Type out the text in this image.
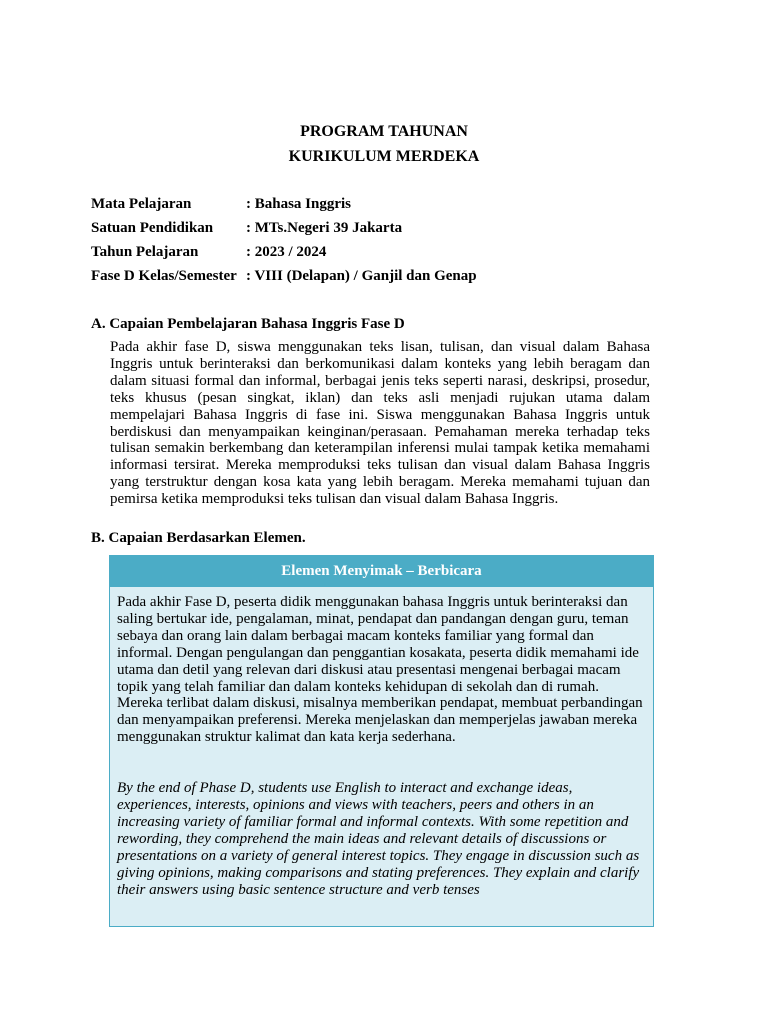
PROGRAM TAHUNAN
KURIKULUM MERDEKA
Mata Pelajaran	: Bahasa Inggris
Satuan Pendidikan : MTs.Negeri 39 Jakarta
Tahun Pelajaran	: 2023 / 2024
Fase D Kelas/Semester : VIII (Delapan) / Ganjil dan Genap
A. Capaian Pembelajaran Bahasa Inggris Fase D
Pada akhir fase D, siswa menggunakan teks lisan, tulisan, dan visual dalam Bahasa Inggris untuk berinteraksi dan berkomunikasi dalam konteks yang lebih beragam dan dalam situasi formal dan informal, berbagai jenis teks seperti narasi, deskripsi, prosedur, teks khusus (pesan singkat, iklan) dan teks asli menjadi rujukan utama dalam mempelajari Bahasa Inggris di fase ini. Siswa menggunakan Bahasa Inggris untuk berdiskusi dan menyampaikan keinginan/perasaan. Pemahaman mereka terhadap teks tulisan semakin berkembang dan keterampilan inferensi mulai tampak ketika memahami informasi tersirat. Mereka memproduksi teks tulisan dan visual dalam Bahasa Inggris yang terstruktur dengan kosa kata yang lebih beragam. Mereka memahami tujuan dan pemirsa ketika memproduksi teks tulisan dan visual dalam Bahasa Inggris.
B. Capaian Berdasarkan Elemen.
Elemen Menyimak – Berbicara

Pada akhir Fase D, peserta didik menggunakan bahasa Inggris untuk berinteraksi dan saling bertukar ide, pengalaman, minat, pendapat dan pandangan dengan guru, teman sebaya dan orang lain dalam berbagai macam konteks familiar yang formal dan informal. Dengan pengulangan dan penggantian kosakata, peserta didik memahami ide utama dan detil yang relevan dari diskusi atau presentasi mengenai berbagai macam topik yang telah familiar dan dalam konteks kehidupan di sekolah dan di rumah. Mereka terlibat dalam diskusi, misalnya memberikan pendapat, membuat perbandingan dan menyampaikan preferensi. Mereka menjelaskan dan memperjelas jawaban mereka menggunakan struktur kalimat dan kata kerja sederhana.

By the end of Phase D, students use English to interact and exchange ideas, experiences, interests, opinions and views with teachers, peers and others in an increasing variety of familiar formal and informal contexts. With some repetition and rewording, they comprehend the main ideas and relevant details of discussions or presentations on a variety of general interest topics. They engage in discussion such as giving opinions, making comparisons and stating preferences. They explain and clarify their answers using basic sentence structure and verb tenses
